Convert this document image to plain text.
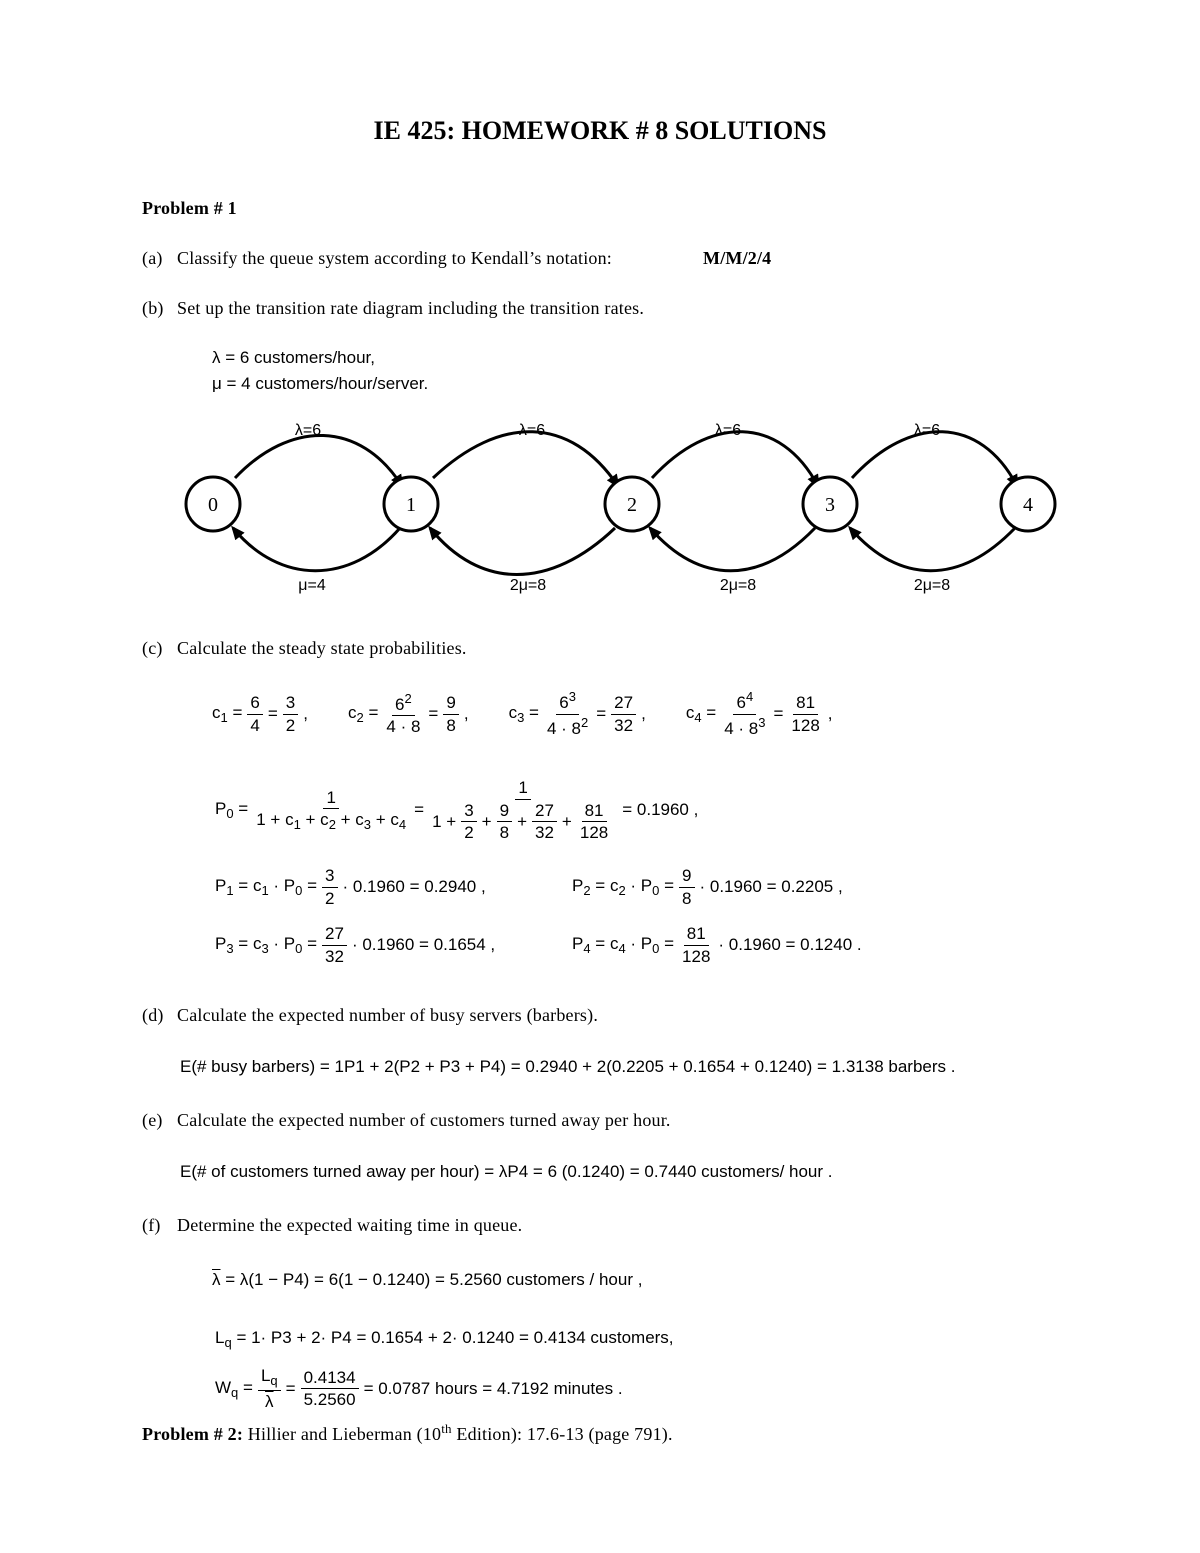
IE 425: HOMEWORK # 8 SOLUTIONS
Problem # 1
(a) Classify the queue system according to Kendall’s notation:	M/M/2/4
(b) Set up the transition rate diagram including the transition rates.
λ = 6 customers/hour,
μ = 4 customers/hour/server.
0	1	2	3	4
λ=6	λ=6	λ=6	λ=6
μ=4	2μ=8	2μ=8	2μ=8
(c) Calculate the steady state probabilities.
$c_1 = \frac{6}{4} = \frac{3}{2}$ , $c_2 = \frac{6^2}{4 \cdot 8} = \frac{9}{8}$ , $c_3 = \frac{6^3}{4 \cdot 8^2} = \frac{27}{32}$ , $c_4 = \frac{6^4}{4 \cdot 8^3} = \frac{81}{128}$ ,
$P_0 = \frac{1}{1 + c_1 + c_2 + c_3 + c_4} = \frac{1}{1 + \frac{3}{2} + \frac{9}{8} + \frac{27}{32} + \frac{81}{128}} = 0.1960$ ,
$P_1 = c_1 \cdot P_0 = \frac{3}{2} \cdot 0.1960 = 0.2940$ ,	$P_2 = c_2 \cdot P_0 = \frac{9}{8} \cdot 0.1960 = 0.2205$ ,
$P_3 = c_3 \cdot P_0 = \frac{27}{32} \cdot 0.1960 = 0.1654$ ,	$P_4 = c_4 \cdot P_0 = \frac{81}{128} \cdot 0.1960 = 0.1240$ .
(d) Calculate the expected number of busy servers (barbers).
E(# busy barbers) = 1P1 + 2(P2 + P3 + P4) = 0.2940 + 2(0.2205 + 0.1654 + 0.1240) = 1.3138 barbers .
(e) Calculate the expected number of customers turned away per hour.
E(# of customers turned away per hour) = λP4 = 6 (0.1240) = 0.7440 customers/ hour .
(f) Determine the expected waiting time in queue.
$\overline{\lambda} = \lambda(1 - P4) = 6(1 - 0.1240) = 5.2560$ customers / hour ,
$L_q = 1\cdot P3 + 2\cdot P4 = 0.1654 + 2\cdot 0.1240 = 0.4134$ customers,
$W_q = \frac{L_q}{\lambda} = \frac{0.4134}{5.2560} = 0.0787$ hours = 4.7192 minutes .
Problem # 2: Hillier and Lieberman (10th Edition): 17.6-13 (page 791).
